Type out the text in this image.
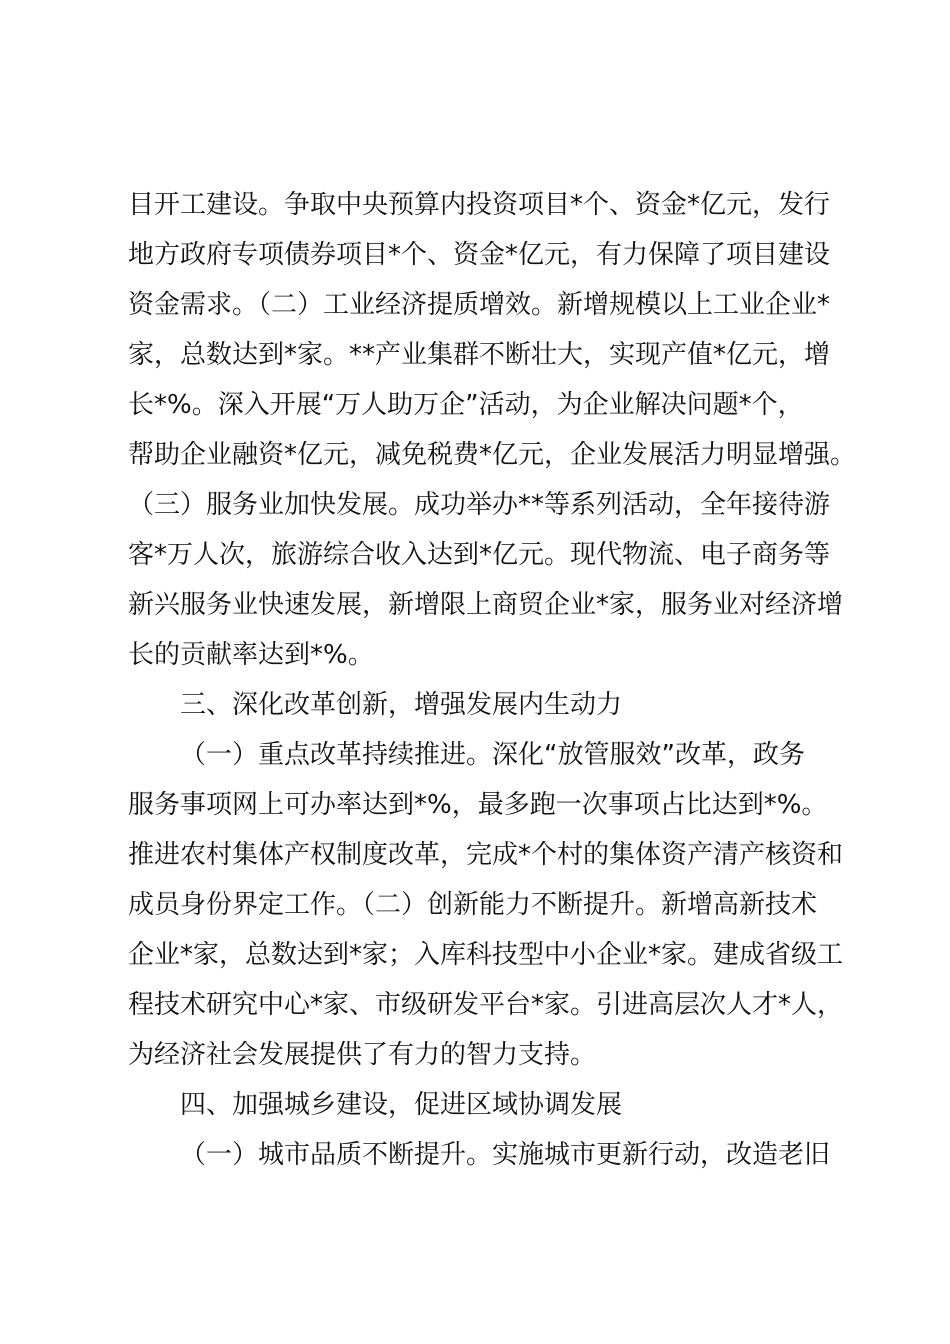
目开工建设。争取中央预算内投资项目*个、资金*亿元，发行
地方政府专项债券项目*个、资金*亿元，有力保障了项目建设
资金需求。（二）工业经济提质增效。新增规模以上工业企业*
家，总数达到*家。**产业集群不断壮大，实现产值*亿元，增
长*%。深入开展“万人助万企”活动，为企业解决问题*个，
帮助企业融资*亿元，减免税费*亿元，企业发展活力明显增强。
（三）服务业加快发展。成功举办**等系列活动，全年接待游
客*万人次，旅游综合收入达到*亿元。现代物流、电子商务等
新兴服务业快速发展，新增限上商贸企业*家，服务业对经济增
长的贡献率达到*%。
三、深化改革创新，增强发展内生动力
（一）重点改革持续推进。深化“放管服效”改革，政务
服务事项网上可办率达到*%，最多跑一次事项占比达到*%。
推进农村集体产权制度改革，完成*个村的集体资产清产核资和
成员身份界定工作。（二）创新能力不断提升。新增高新技术
企业*家，总数达到*家；入库科技型中小企业*家。建成省级工
程技术研究中心*家、市级研发平台*家。引进高层次人才*人，
为经济社会发展提供了有力的智力支持。
四、加强城乡建设，促进区域协调发展
（一）城市品质不断提升。实施城市更新行动，改造老旧
